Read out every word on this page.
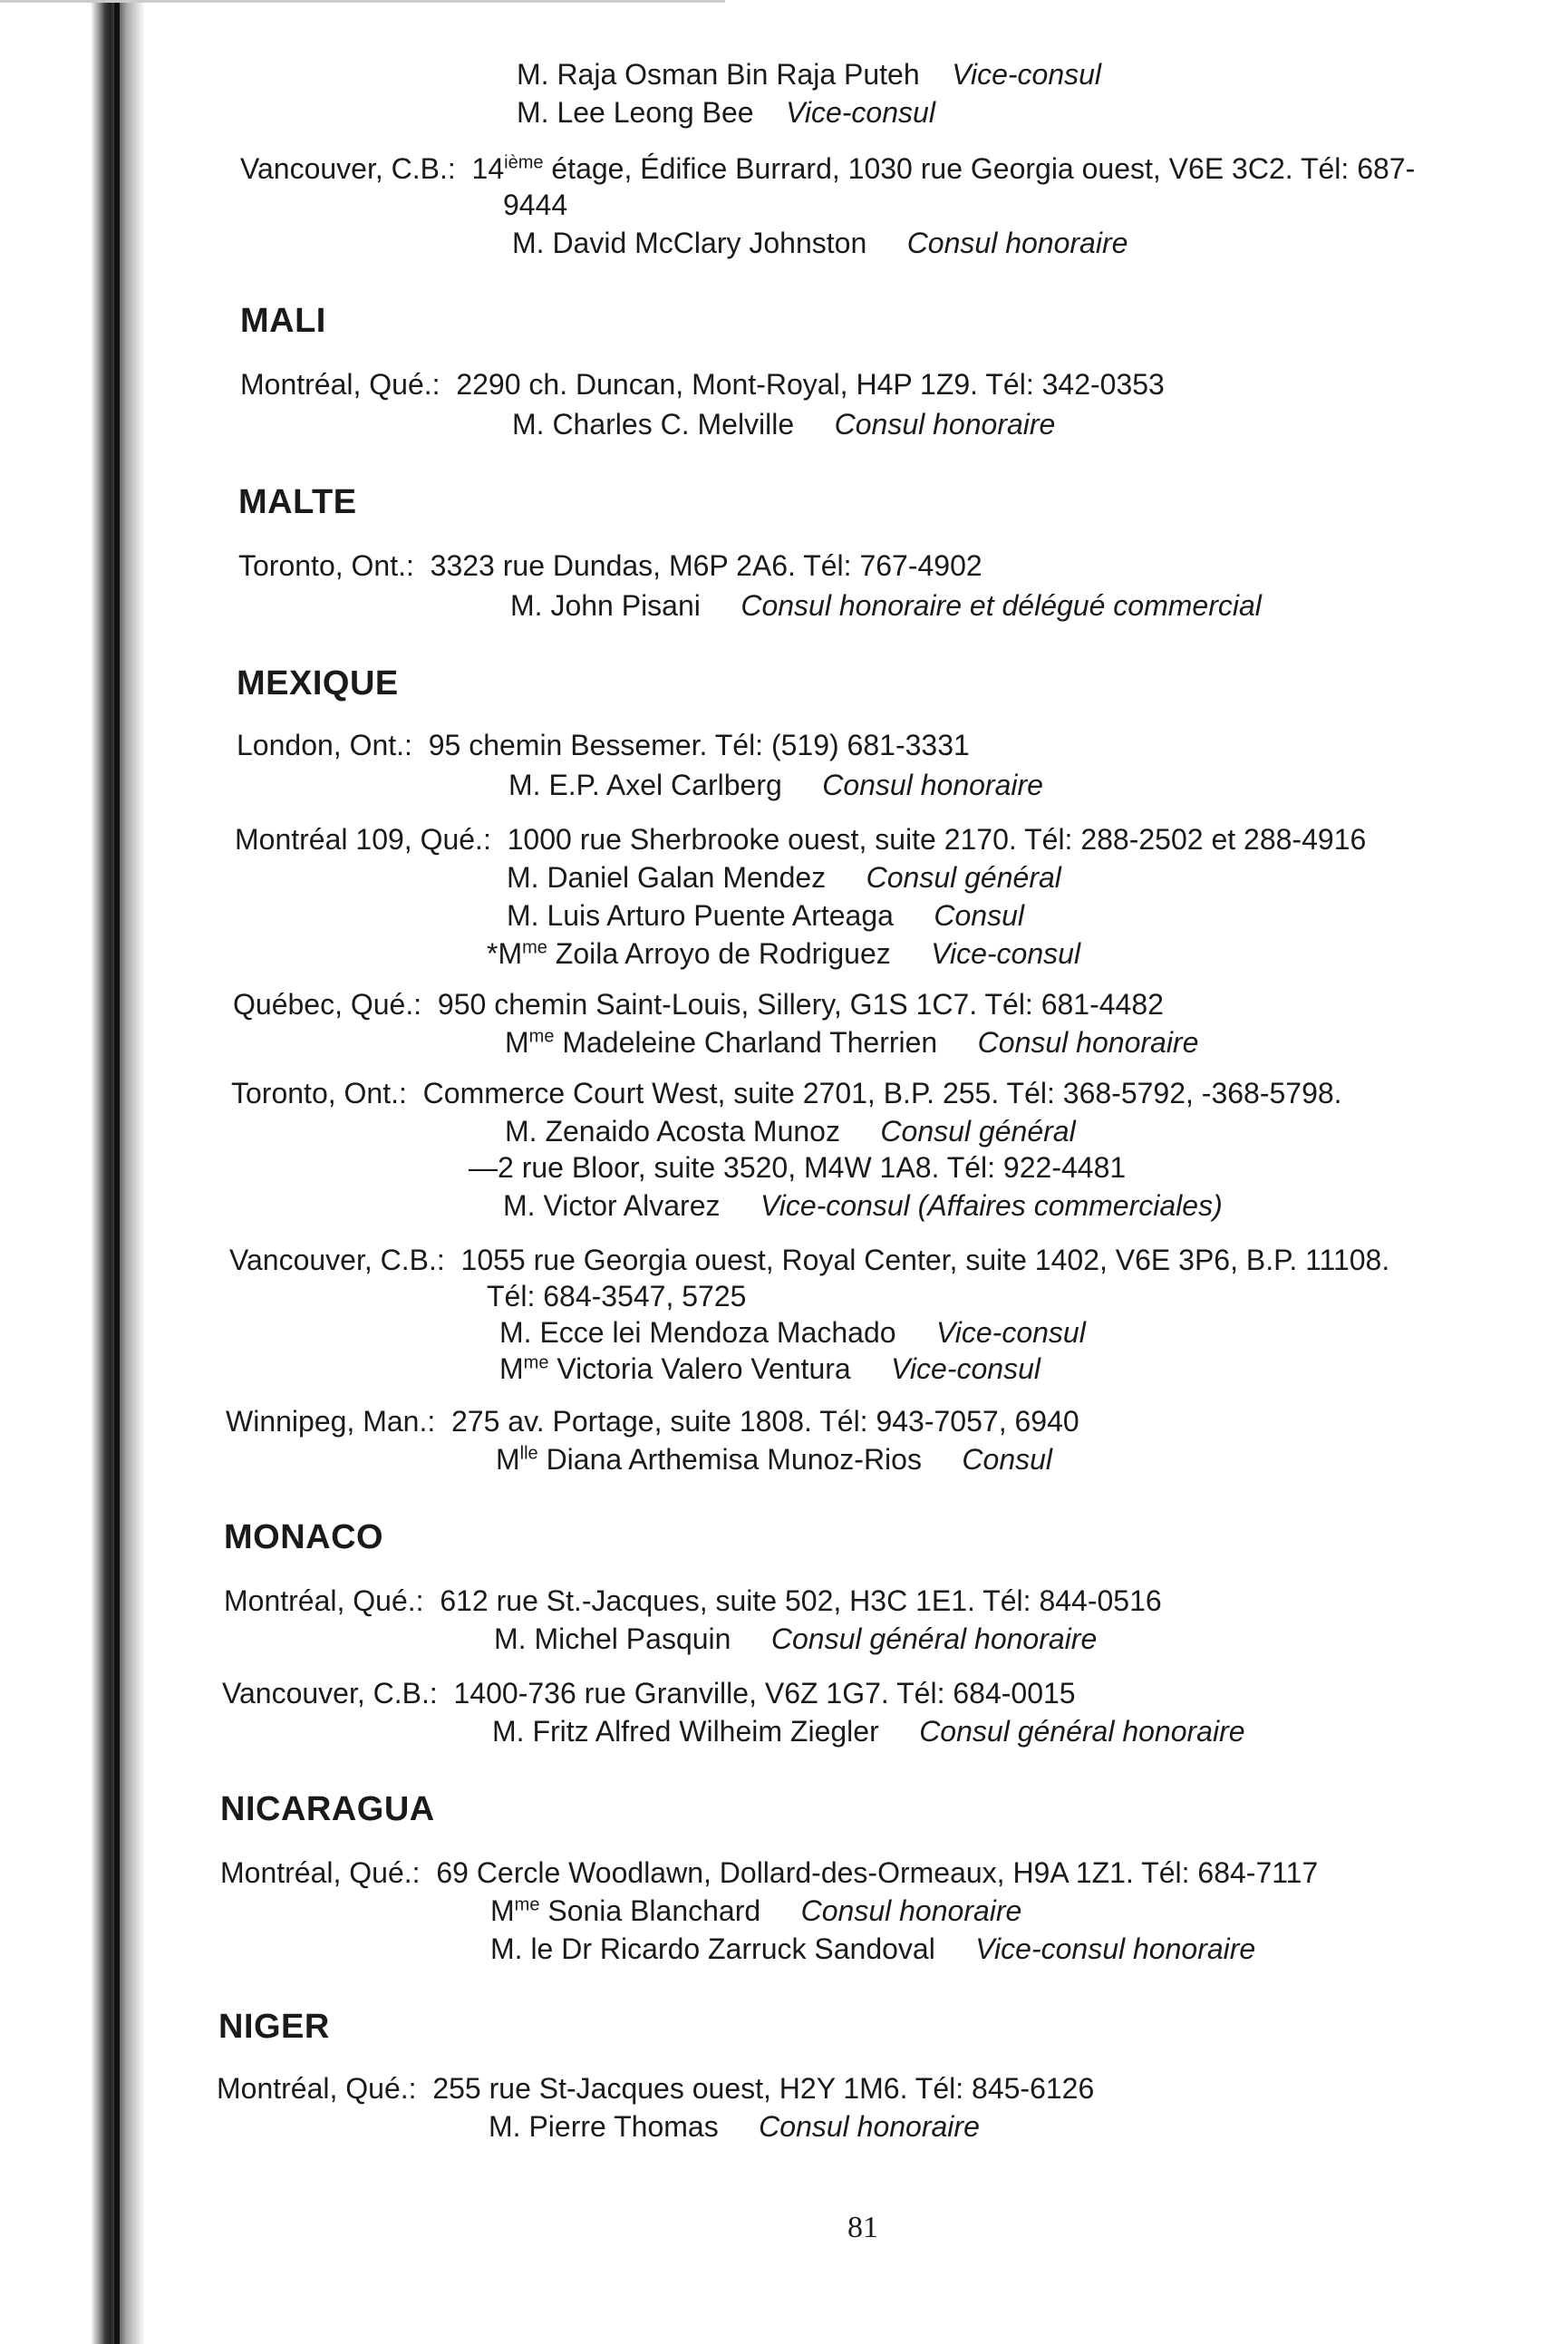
M. Raja Osman Bin Raja Puteh Vice-consul
M. Lee Leong Bee Vice-consul
Vancouver, C.B.: 14ième étage, Édifice Burrard, 1030 rue Georgia ouest, V6E 3C2. Tél: 687-
9444
M. David McClary Johnston Consul honoraire
MALI
Montréal, Qué.: 2290 ch. Duncan, Mont-Royal, H4P 1Z9. Tél: 342-0353
M. Charles C. Melville Consul honoraire
MALTE
Toronto, Ont.: 3323 rue Dundas, M6P 2A6. Tél: 767-4902
M. John Pisani Consul honoraire et délégué commercial
MEXIQUE
London, Ont.: 95 chemin Bessemer. Tél: (519) 681-3331
M. E.P. Axel Carlberg Consul honoraire
Montréal 109, Qué.: 1000 rue Sherbrooke ouest, suite 2170. Tél: 288-2502 et 288-4916
M. Daniel Galan Mendez Consul général
M. Luis Arturo Puente Arteaga Consul
$*M^{me}$ Zoila Arroyo de Rodriguez Vice-consul
Québec, Qué.: 950 chemin Saint-Louis, Sillery, G1S 1C7. Tél: 681-4482
$M^{me}$ Madeleine Charland Therrien Consul honoraire
Toronto, Ont.: Commerce Court West, suite 2701, B.P. 255. Tél: 368-5792, -368-5798.
M. Zenaido Acosta Munoz Consul général
—2 rue Bloor, suite 3520, M4W 1A8. Tél: 922-4481
M. Victor Alvarez Vice-consul (Affaires commerciales)
Vancouver, C.B.: 1055 rue Georgia ouest, Royal Center, suite 1402, V6E 3P6, B.P. 11108.
Tél: 684-3547, 5725
M. Ecce lei Mendoza Machado Vice-consul
$M^{me}$ Victoria Valero Ventura Vice-consul
Winnipeg, Man.: 275 av. Portage, suite 1808. Tél: 943-7057, 6940
$M^{lle}$ Diana Arthemisa Munoz-Rios Consul
MONACO
Montréal, Qué.: 612 rue St.-Jacques, suite 502, H3C 1E1. Tél: 844-0516
M. Michel Pasquin Consul général honoraire
Vancouver, C.B.: 1400-736 rue Granville, V6Z 1G7. Tél: 684-0015
M. Fritz Alfred Wilheim Ziegler Consul général honoraire
NICARAGUA
Montréal, Qué.: 69 Cercle Woodlawn, Dollard-des-Ormeaux, H9A 1Z1. Tél: 684-7117
$M^{me}$ Sonia Blanchard Consul honoraire
M. le Dr Ricardo Zarruck Sandoval Vice-consul honoraire
NIGER
Montréal, Qué.: 255 rue St-Jacques ouest, H2Y 1M6. Tél: 845-6126
M. Pierre Thomas Consul honoraire
81
